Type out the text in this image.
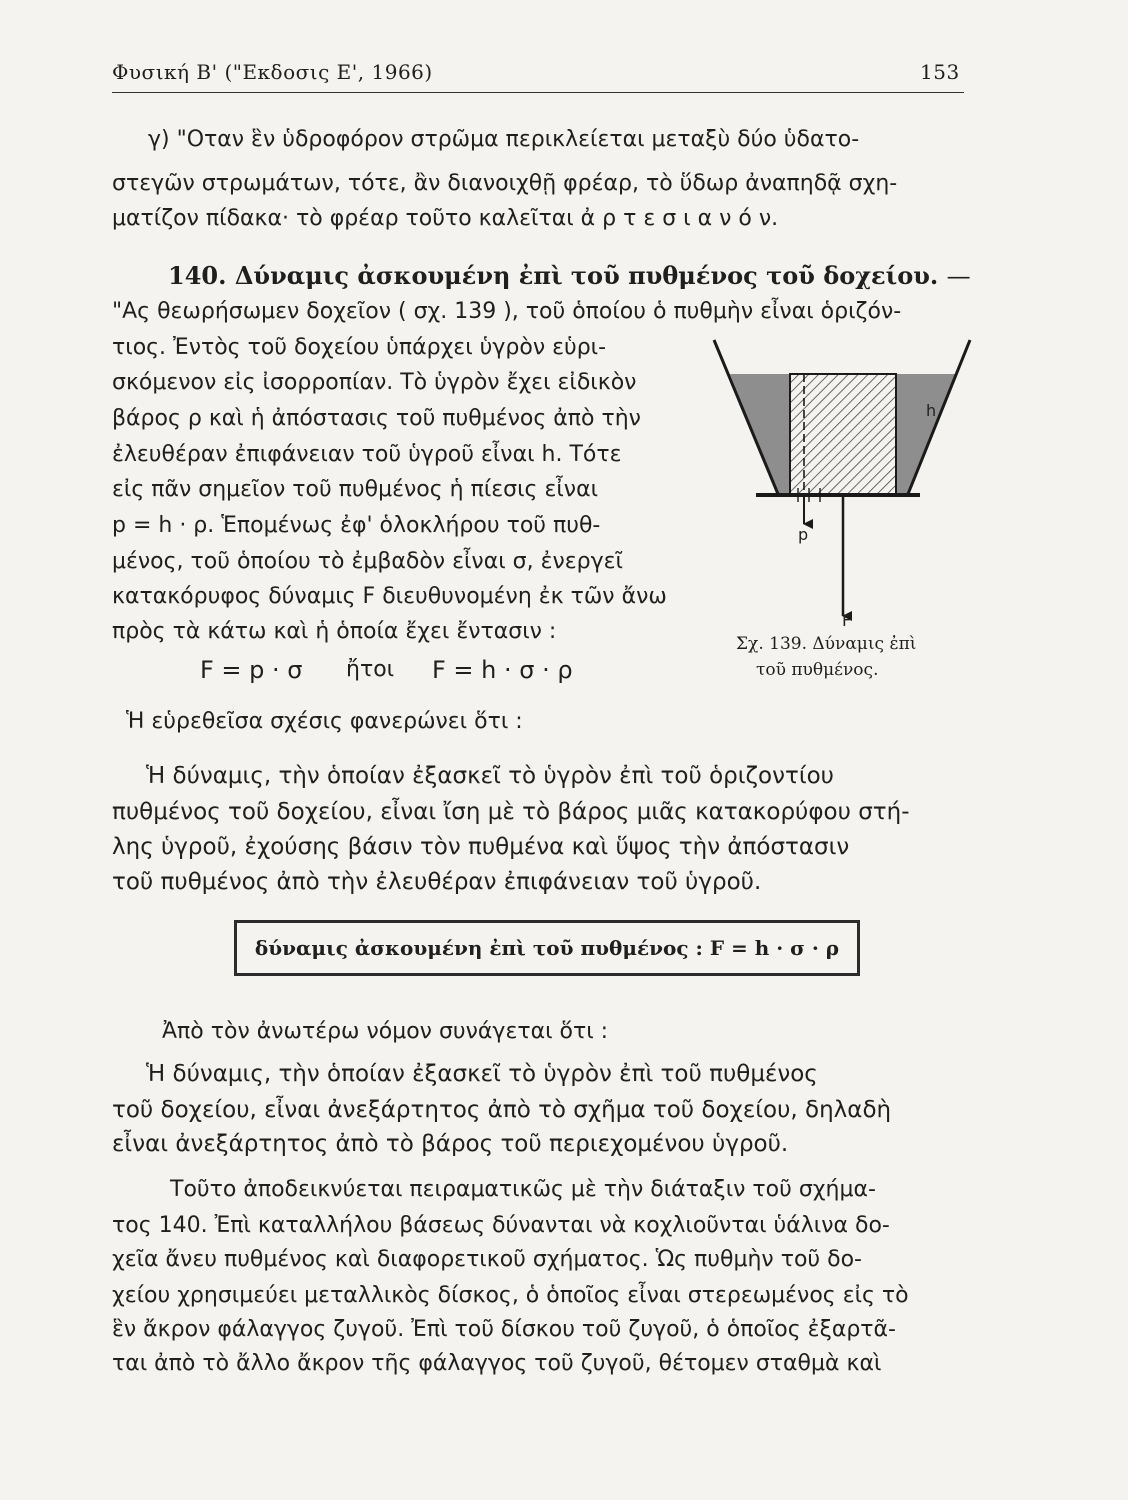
Φυσική Β' ("Εκδοσις Ε', 1966)	153
γ) "Οταν ἓν ὑδροφόρον στρῶμα περικλείεται μεταξὺ δύο ὑδατο-
στεγῶν στρωμάτων, τότε, ἂν διανοιχθῇ φρέαρ, τὸ ὕδωρ ἀναπηδᾷ σχη-
ματίζον πίδακα· τὸ φρέαρ τοῦτο καλεῖται ἀ ρ τ ε σ ι α ν ό ν.
140. Δύναμις ἀσκουμένη ἐπὶ τοῦ πυθμένος τοῦ δοχείου. —
"Ας θεωρήσωμεν δοχεῖον ( σχ. 139 ), τοῦ ὁποίου ὁ πυθμὴν εἶναι ὁριζόν-
τιος. Ἐντὸς τοῦ δοχείου ὑπάρχει ὑγρὸν εὑρι-
σκόμενον εἰς ἰσορροπίαν. Τὸ ὑγρὸν ἔχει εἰδικὸν
βάρος ρ καὶ ἡ ἀπόστασις τοῦ πυθμένος ἀπὸ τὴν
ἐλευθέραν ἐπιφάνειαν τοῦ ὑγροῦ εἶναι h. Τότε
εἰς πᾶν σημεῖον τοῦ πυθμένος ἡ πίεσις εἶναι
p = h · ρ. Ἑπομένως ἐφ' ὁλοκλήρου τοῦ πυθ-
μένος, τοῦ ὁποίου τὸ ἐμβαδὸν εἶναι σ, ἐνεργεῖ
κατακόρυφος δύναμις F διευθυνομένη ἐκ τῶν ἄνω
πρὸς τὰ κάτω καὶ ἡ ὁποία ἔχει ἔντασιν :
F = p · σ ἤτοι F = h · σ · ρ
h
p
F
Σχ. 139. Δύναμις ἐπὶ
τοῦ πυθμένος.
Ἡ εὑρεθεῖσα σχέσις φανερώνει ὅτι :
Ἡ δύναμις, τὴν ὁποίαν ἐξασκεῖ τὸ ὑγρὸν ἐπὶ τοῦ ὁριζοντίου
πυθμένος τοῦ δοχείου, εἶναι ἴση μὲ τὸ βάρος μιᾶς κατακορύφου στή-
λης ὑγροῦ, ἐχούσης βάσιν τὸν πυθμένα καὶ ὕψος τὴν ἀπόστασιν
τοῦ πυθμένος ἀπὸ τὴν ἐλευθέραν ἐπιφάνειαν τοῦ ὑγροῦ.
δύναμις ἀσκουμένη ἐπὶ τοῦ πυθμένος : F = h · σ · ρ
Ἀπὸ τὸν ἀνωτέρω νόμον συνάγεται ὅτι :
Ἡ δύναμις, τὴν ὁποίαν ἐξασκεῖ τὸ ὑγρὸν ἐπὶ τοῦ πυθμένος
τοῦ δοχείου, εἶναι ἀνεξάρτητος ἀπὸ τὸ σχῆμα τοῦ δοχείου, δηλαδὴ
εἶναι ἀνεξάρτητος ἀπὸ τὸ βάρος τοῦ περιεχομένου ὑγροῦ.
Τοῦτο ἀποδεικνύεται πειραματικῶς μὲ τὴν διάταξιν τοῦ σχήμα-
τος 140. Ἐπὶ καταλλήλου βάσεως δύνανται νὰ κοχλιοῦνται ὑάλινα δο-
χεῖα ἄνευ πυθμένος καὶ διαφορετικοῦ σχήματος. Ὡς πυθμὴν τοῦ δο-
χείου χρησιμεύει μεταλλικὸς δίσκος, ὁ ὁποῖος εἶναι στερεωμένος εἰς τὸ
ἓν ἄκρον φάλαγγος ζυγοῦ. Ἐπὶ τοῦ δίσκου τοῦ ζυγοῦ, ὁ ὁποῖος ἐξαρτᾶ-
ται ἀπὸ τὸ ἄλλο ἄκρον τῆς φάλαγγος τοῦ ζυγοῦ, θέτομεν σταθμὰ καὶ
